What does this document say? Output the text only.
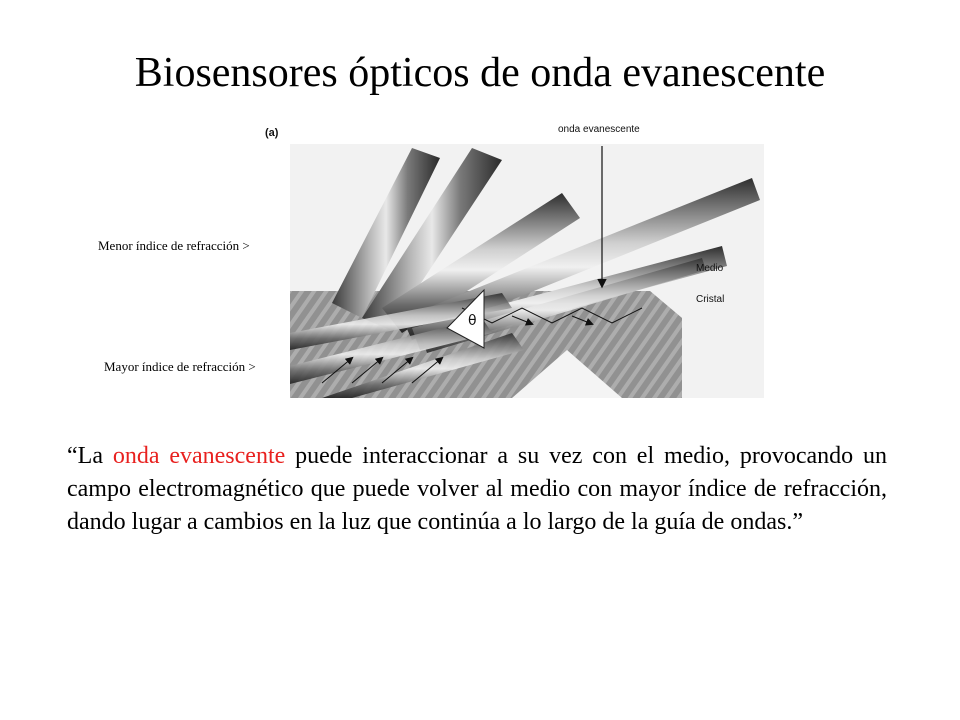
Biosensores ópticos de onda evanescente
Menor índice de refracción >
Mayor índice de refracción >
θ
(a)	onda evanescente
Medio
Cristal
“La onda evanescente puede interaccionar a su vez con el medio, provocando un campo electromagnético que puede volver al medio con mayor índice de refracción, dando lugar a cambios en la luz que continúa a lo largo de la guía de ondas.”
